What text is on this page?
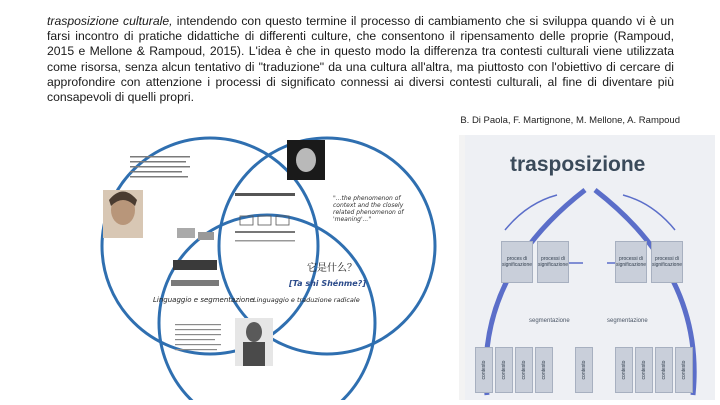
trasposizione culturale, intendendo con questo termine il processo di cambiamento che si sviluppa quando vi è un farsi incontro di pratiche didattiche di differenti culture, che consentono il ripensamento delle proprie (Rampoud, 2015 e Mellone & Rampoud, 2015). L'idea è che in questo modo la differenza tra contesti culturali viene utilizzata come risorsa, senza alcun tentativo di "traduzione" da una cultura all'altra, ma piuttosto con l'obiettivo di cercare di approfondire con attenzione i processi di significato connessi ai diversi contesti culturali, al fine di diventare più consapevoli di quelli propri.

B. Di Paola, F. Martignone, M. Mellone, A. Rampoud
"...the phenomenon of context and the closely related phenomenon of 'meaning'..."
它是什么？
[Ta shi Shénme?]
Linguaggio e segmentazione Linguaggio e traduzione radicale
trasposizione
proces di significazione
processi di significazione
processi di significazione
processi di significazione
segmentazione	segmentazione
contesto	contesto	contesto	contesto	contesto	contesto	contesto	contesto	contesto
